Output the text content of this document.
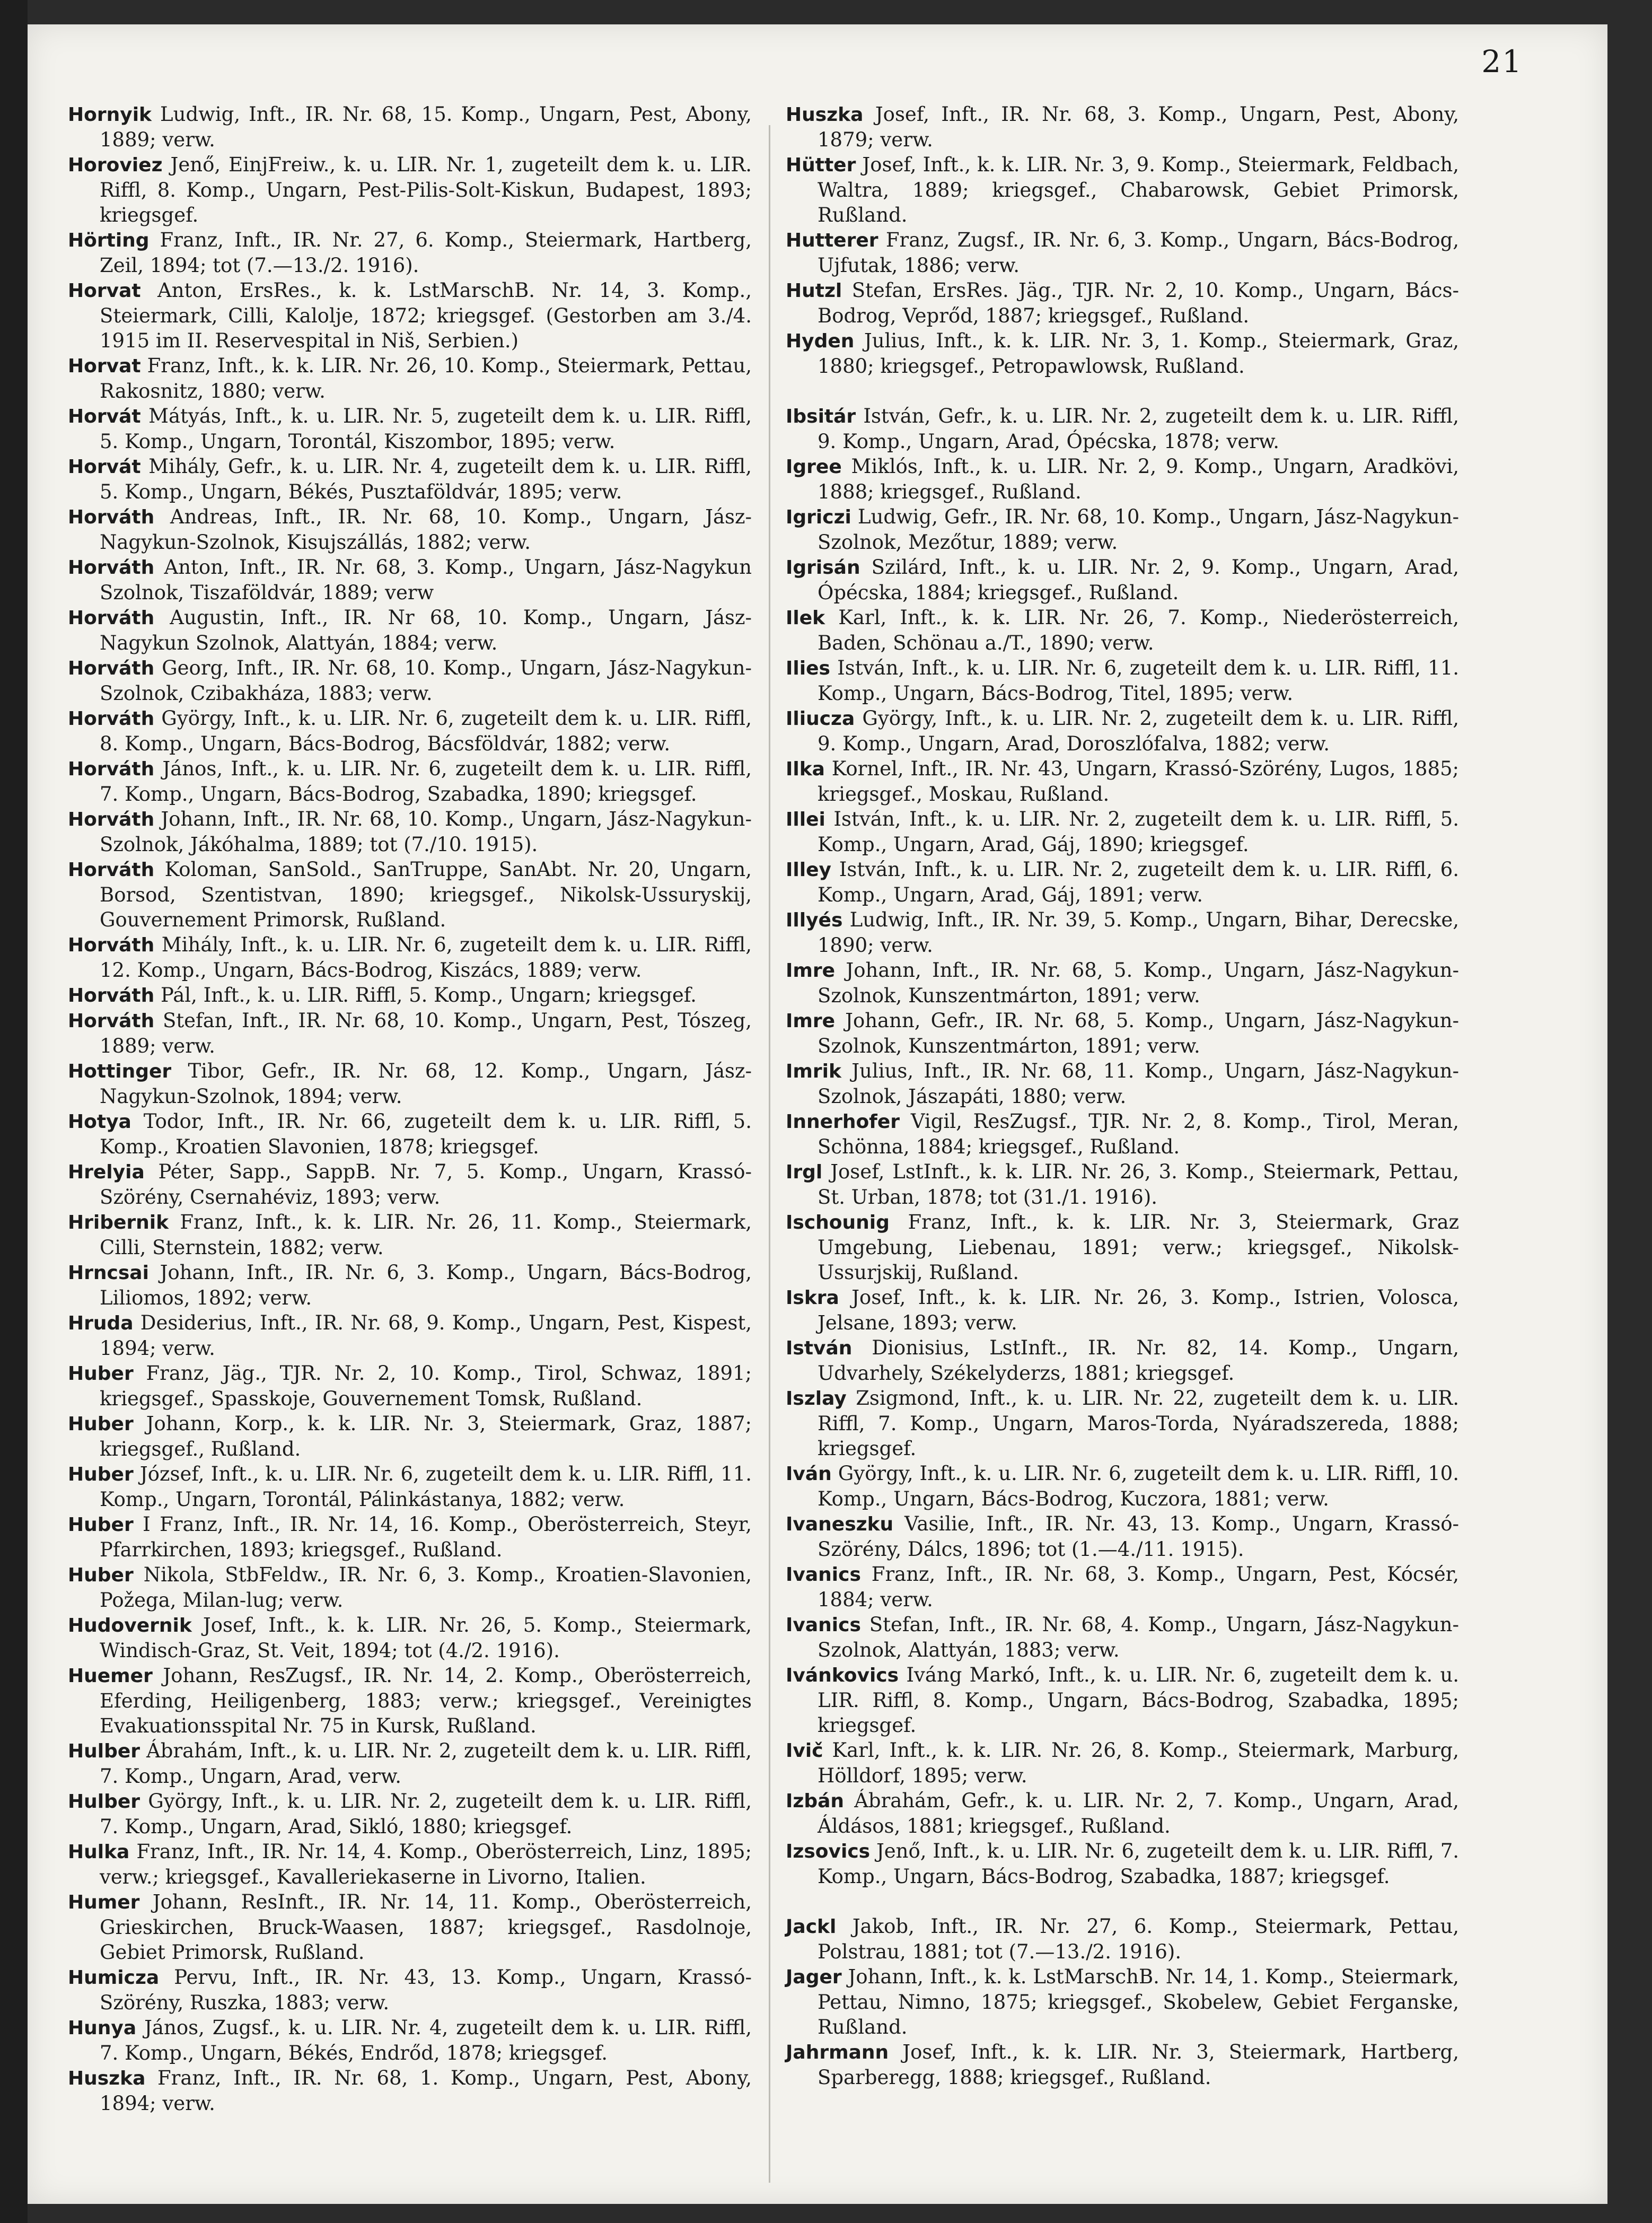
21

Hornyik Ludwig, Inft., IR. Nr. 68, 15. Komp., Ungarn, Pest, Abony, 1889; verw.

Horoviez Jenő, EinjFreiw., k. u. LIR. Nr. 1, zugeteilt dem k. u. LIR. Riffl, 8. Komp., Ungarn, Pest-Pilis-Solt-Kiskun, Budapest, 1893; kriegsgef.

Hörting Franz, Inft., IR. Nr. 27, 6. Komp., Steiermark, Hartberg, Zeil, 1894; tot (7.—13./2. 1916).

Horvat Anton, ErsRes., k. k. LstMarschB. Nr. 14, 3. Komp., Steiermark, Cilli, Kalolje, 1872; kriegsgef. (Gestorben am 3./4. 1915 im II. Reservespital in Niš, Serbien.)

Horvat Franz, Inft., k. k. LIR. Nr. 26, 10. Komp., Steiermark, Pettau, Rakosnitz, 1880; verw.

Horvát Mátyás, Inft., k. u. LIR. Nr. 5, zugeteilt dem k. u. LIR. Riffl, 5. Komp., Ungarn, Torontál, Kiszombor, 1895; verw.

Horvát Mihály, Gefr., k. u. LIR. Nr. 4, zugeteilt dem k. u. LIR. Riffl, 5. Komp., Ungarn, Békés, Pusztaföldvár, 1895; verw.

Horváth Andreas, Inft., IR. Nr. 68, 10. Komp., Ungarn, Jász-Nagykun-Szolnok, Kisujszállás, 1882; verw.

Horváth Anton, Inft., IR. Nr. 68, 3. Komp., Ungarn, Jász-Nagykun Szolnok, Tiszaföldvár, 1889; verw

Horváth Augustin, Inft., IR. Nr 68, 10. Komp., Ungarn, Jász-Nagykun Szolnok, Alattyán, 1884; verw.

Horváth Georg, Inft., IR. Nr. 68, 10. Komp., Ungarn, Jász-Nagykun-Szolnok, Czibakháza, 1883; verw.

Horváth György, Inft., k. u. LIR. Nr. 6, zugeteilt dem k. u. LIR. Riffl, 8. Komp., Ungarn, Bács-Bodrog, Bácsföldvár, 1882; verw.

Horváth János, Inft., k. u. LIR. Nr. 6, zugeteilt dem k. u. LIR. Riffl, 7. Komp., Ungarn, Bács-Bodrog, Szabadka, 1890; kriegsgef.

Horváth Johann, Inft., IR. Nr. 68, 10. Komp., Ungarn, Jász-Nagykun-Szolnok, Jákóhalma, 1889; tot (7./10. 1915).

Horváth Koloman, SanSold., SanTruppe, SanAbt. Nr. 20, Ungarn, Borsod, Szentistvan, 1890; kriegsgef., Nikolsk-Ussuryskij, Gouvernement Primorsk, Rußland.

Horváth Mihály, Inft., k. u. LIR. Nr. 6, zugeteilt dem k. u. LIR. Riffl, 12. Komp., Ungarn, Bács-Bodrog, Kiszács, 1889; verw.

Horváth Pál, Inft., k. u. LIR. Riffl, 5. Komp., Ungarn; kriegsgef.

Horváth Stefan, Inft., IR. Nr. 68, 10. Komp., Ungarn, Pest, Tószeg, 1889; verw.

Hottinger Tibor, Gefr., IR. Nr. 68, 12. Komp., Ungarn, Jász-Nagykun-Szolnok, 1894; verw.

Hotya Todor, Inft., IR. Nr. 66, zugeteilt dem k. u. LIR. Riffl, 5. Komp., Kroatien Slavonien, 1878; kriegsgef.

Hrelyia Péter, Sapp., SappB. Nr. 7, 5. Komp., Ungarn, Krassó-Szörény, Csernahéviz, 1893; verw.

Hribernik Franz, Inft., k. k. LIR. Nr. 26, 11. Komp., Steiermark, Cilli, Sternstein, 1882; verw.

Hrncsai Johann, Inft., IR. Nr. 6, 3. Komp., Ungarn, Bács-Bodrog, Liliomos, 1892; verw.

Hruda Desiderius, Inft., IR. Nr. 68, 9. Komp., Ungarn, Pest, Kispest, 1894; verw.

Huber Franz, Jäg., TJR. Nr. 2, 10. Komp., Tirol, Schwaz, 1891; kriegsgef., Spasskoje, Gouvernement Tomsk, Rußland.

Huber Johann, Korp., k. k. LIR. Nr. 3, Steiermark, Graz, 1887; kriegsgef., Rußland.

Huber József, Inft., k. u. LIR. Nr. 6, zugeteilt dem k. u. LIR. Riffl, 11. Komp., Ungarn, Torontál, Pálinkástanya, 1882; verw.

Huber I Franz, Inft., IR. Nr. 14, 16. Komp., Oberösterreich, Steyr, Pfarrkirchen, 1893; kriegsgef., Rußland.

Huber Nikola, StbFeldw., IR. Nr. 6, 3. Komp., Kroatien-Slavonien, Požega, Milan-lug; verw.

Hudovernik Josef, Inft., k. k. LIR. Nr. 26, 5. Komp., Steiermark, Windisch-Graz, St. Veit, 1894; tot (4./2. 1916).

Huemer Johann, ResZugsf., IR. Nr. 14, 2. Komp., Oberösterreich, Eferding, Heiligenberg, 1883; verw.; kriegsgef., Vereinigtes Evakuationsspital Nr. 75 in Kursk, Rußland.

Hulber Ábrahám, Inft., k. u. LIR. Nr. 2, zugeteilt dem k. u. LIR. Riffl, 7. Komp., Ungarn, Arad, verw.

Hulber György, Inft., k. u. LIR. Nr. 2, zugeteilt dem k. u. LIR. Riffl, 7. Komp., Ungarn, Arad, Sikló, 1880; kriegsgef.

Hulka Franz, Inft., IR. Nr. 14, 4. Komp., Oberösterreich, Linz, 1895; verw.; kriegsgef., Kavalleriekaserne in Livorno, Italien.

Humer Johann, ResInft., IR. Nr. 14, 11. Komp., Oberösterreich, Grieskirchen, Bruck-Waasen, 1887; kriegsgef., Rasdolnoje, Gebiet Primorsk, Rußland.

Humicza Pervu, Inft., IR. Nr. 43, 13. Komp., Ungarn, Krassó-Szörény, Ruszka, 1883; verw.

Hunya János, Zugsf., k. u. LIR. Nr. 4, zugeteilt dem k. u. LIR. Riffl, 7. Komp., Ungarn, Békés, Endrőd, 1878; kriegsgef.

Huszka Franz, Inft., IR. Nr. 68, 1. Komp., Ungarn, Pest, Abony, 1894; verw.

Huszka Josef, Inft., IR. Nr. 68, 3. Komp., Ungarn, Pest, Abony, 1879; verw.

Hütter Josef, Inft., k. k. LIR. Nr. 3, 9. Komp., Steiermark, Feldbach, Waltra, 1889; kriegsgef., Chabarowsk, Gebiet Primorsk, Rußland.

Hutterer Franz, Zugsf., IR. Nr. 6, 3. Komp., Ungarn, Bács-Bodrog, Ujfutak, 1886; verw.

Hutzl Stefan, ErsRes. Jäg., TJR. Nr. 2, 10. Komp., Ungarn, Bács-Bodrog, Veprőd, 1887; kriegsgef., Rußland.

Hyden Julius, Inft., k. k. LIR. Nr. 3, 1. Komp., Steiermark, Graz, 1880; kriegsgef., Petropawlowsk, Rußland.

Ibsitár István, Gefr., k. u. LIR. Nr. 2, zugeteilt dem k. u. LIR. Riffl, 9. Komp., Ungarn, Arad, Ópécska, 1878; verw.

Igree Miklós, Inft., k. u. LIR. Nr. 2, 9. Komp., Ungarn, Aradkövi, 1888; kriegsgef., Rußland.

Igriczi Ludwig, Gefr., IR. Nr. 68, 10. Komp., Ungarn, Jász-Nagykun-Szolnok, Mezőtur, 1889; verw.

Igrisán Szilárd, Inft., k. u. LIR. Nr. 2, 9. Komp., Ungarn, Arad, Ópécska, 1884; kriegsgef., Rußland.

Ilek Karl, Inft., k. k. LIR. Nr. 26, 7. Komp., Niederösterreich, Baden, Schönau a./T., 1890; verw.

Ilies István, Inft., k. u. LIR. Nr. 6, zugeteilt dem k. u. LIR. Riffl, 11. Komp., Ungarn, Bács-Bodrog, Titel, 1895; verw.

Iliucza György, Inft., k. u. LIR. Nr. 2, zugeteilt dem k. u. LIR. Riffl, 9. Komp., Ungarn, Arad, Doroszlófalva, 1882; verw.

Ilka Kornel, Inft., IR. Nr. 43, Ungarn, Krassó-Szörény, Lugos, 1885; kriegsgef., Moskau, Rußland.

Illei István, Inft., k. u. LIR. Nr. 2, zugeteilt dem k. u. LIR. Riffl, 5. Komp., Ungarn, Arad, Gáj, 1890; kriegsgef.

Illey István, Inft., k. u. LIR. Nr. 2, zugeteilt dem k. u. LIR. Riffl, 6. Komp., Ungarn, Arad, Gáj, 1891; verw.

Illyés Ludwig, Inft., IR. Nr. 39, 5. Komp., Ungarn, Bihar, Derecske, 1890; verw.

Imre Johann, Inft., IR. Nr. 68, 5. Komp., Ungarn, Jász-Nagykun-Szolnok, Kunszentmárton, 1891; verw.

Imre Johann, Gefr., IR. Nr. 68, 5. Komp., Ungarn, Jász-Nagykun-Szolnok, Kunszentmárton, 1891; verw.

Imrik Julius, Inft., IR. Nr. 68, 11. Komp., Ungarn, Jász-Nagykun-Szolnok, Jászapáti, 1880; verw.

Innerhofer Vigil, ResZugsf., TJR. Nr. 2, 8. Komp., Tirol, Meran, Schönna, 1884; kriegsgef., Rußland.

Irgl Josef, LstInft., k. k. LIR. Nr. 26, 3. Komp., Steiermark, Pettau, St. Urban, 1878; tot (31./1. 1916).

Ischounig Franz, Inft., k. k. LIR. Nr. 3, Steiermark, Graz Umgebung, Liebenau, 1891; verw.; kriegsgef., Nikolsk-Ussurjskij, Rußland.

Iskra Josef, Inft., k. k. LIR. Nr. 26, 3. Komp., Istrien, Volosca, Jelsane, 1893; verw.

István Dionisius, LstInft., IR. Nr. 82, 14. Komp., Ungarn, Udvarhely, Székelyderzs, 1881; kriegsgef.

Iszlay Zsigmond, Inft., k. u. LIR. Nr. 22, zugeteilt dem k. u. LIR. Riffl, 7. Komp., Ungarn, Maros-Torda, Nyáradszereda, 1888; kriegsgef.

Iván György, Inft., k. u. LIR. Nr. 6, zugeteilt dem k. u. LIR. Riffl, 10. Komp., Ungarn, Bács-Bodrog, Kuczora, 1881; verw.

Ivaneszku Vasilie, Inft., IR. Nr. 43, 13. Komp., Ungarn, Krassó-Szörény, Dálcs, 1896; tot (1.—4./11. 1915).

Ivanics Franz, Inft., IR. Nr. 68, 3. Komp., Ungarn, Pest, Kócsér, 1884; verw.

Ivanics Stefan, Inft., IR. Nr. 68, 4. Komp., Ungarn, Jász-Nagykun-Szolnok, Alattyán, 1883; verw.

Ivánkovics Iváng Markó, Inft., k. u. LIR. Nr. 6, zugeteilt dem k. u. LIR. Riffl, 8. Komp., Ungarn, Bács-Bodrog, Szabadka, 1895; kriegsgef.

Ivič Karl, Inft., k. k. LIR. Nr. 26, 8. Komp., Steiermark, Marburg, Hölldorf, 1895; verw.

Izbán Ábrahám, Gefr., k. u. LIR. Nr. 2, 7. Komp., Ungarn, Arad, Áldásos, 1881; kriegsgef., Rußland.

Izsovics Jenő, Inft., k. u. LIR. Nr. 6, zugeteilt dem k. u. LIR. Riffl, 7. Komp., Ungarn, Bács-Bodrog, Szabadka, 1887; kriegsgef.

Jackl Jakob, Inft., IR. Nr. 27, 6. Komp., Steiermark, Pettau, Polstrau, 1881; tot (7.—13./2. 1916).

Jager Johann, Inft., k. k. LstMarschB. Nr. 14, 1. Komp., Steiermark, Pettau, Nimno, 1875; kriegsgef., Skobelew, Gebiet Ferganske, Rußland.

Jahrmann Josef, Inft., k. k. LIR. Nr. 3, Steiermark, Hartberg, Sparberegg, 1888; kriegsgef., Rußland.
